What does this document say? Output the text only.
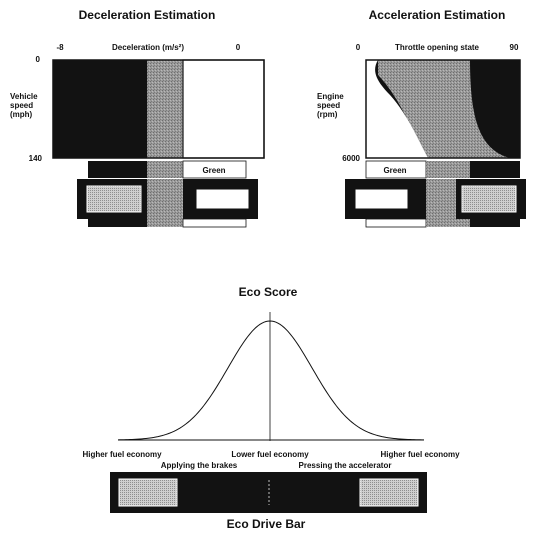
Deceleration Estimation
Deceleration (m/s²)
-8	0
0
140
Vehicle speed (mph)
Green
Acceleration Estimation
Throttle opening state
0	90
6000
Engine speed (rpm)
Green
Eco Score
Higher fuel economy	Lower fuel economy	Higher fuel economy
Applying the brakes	Pressing the accelerator
Eco Drive Bar
